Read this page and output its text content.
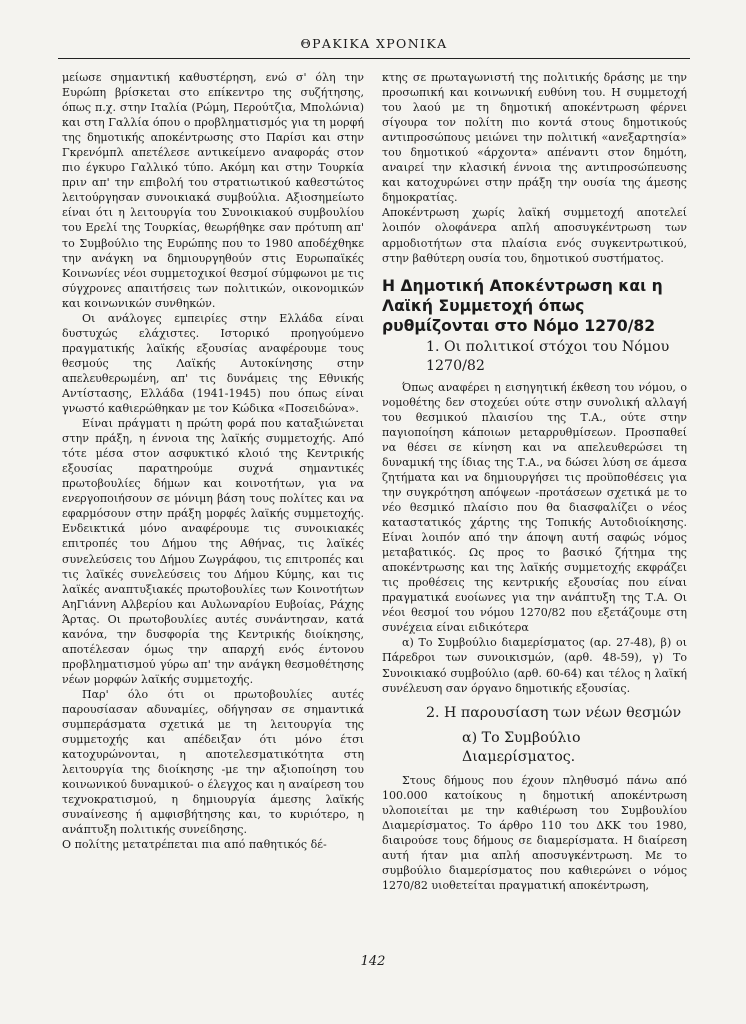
ΘΡΑΚΙΚΑ ΧΡΟΝΙΚΑ

μείωσε σημαντική καθυστέρηση, ενώ σ' όλη την Ευρώπη βρίσκεται στο επίκεντρο της συζήτησης, όπως π.χ. στην Ιταλία (Ρώμη, Περούτζια, Μπολώνια) και στη Γαλλία όπου ο προβληματισμός για τη μορφή της δημοτικής αποκέντρωσης στο Παρίσι και στην Γκρενόμπλ απετέλεσε αντικείμενο αναφοράς στον πιο έγκυρο Γαλλικό τύπο. Ακόμη και στην Τουρκία πριν απ' την επιβολή του στρατιωτικού καθεστώτος λειτούργησαν συνοικιακά συμβούλια. Αξιοσημείωτο είναι ότι η λειτουργία του Συνοικιακού συμβουλίου του Ερελί της Τουρκίας, θεωρήθηκε σαν πρότυπη απ' το Συμβούλιο της Ευρώπης που το 1980 αποδέχθηκε την ανάγκη να δημιουργηθούν στις Ευρωπαϊκές Κοινωνίες νέοι συμμετοχικοί θεσμοί σύμφωνοι με τις σύγχρονες απαιτήσεις των πολιτικών, οικονομικών και κοινωνικών συνθηκών.

Οι ανάλογες εμπειρίες στην Ελλάδα είναι δυστυχώς ελάχιστες. Ιστορικό προηγούμενο πραγματικής λαϊκής εξουσίας αναφέρουμε τους θεσμούς της Λαϊκής Αυτοκίνησης στην απελευθερωμένη, απ' τις δυνάμεις της Εθνικής Αντίστασης, Ελλάδα (1941-1945) που όπως είναι γνωστό καθιερώθηκαν με τον Κώδικα «Ποσειδώνα».

Είναι πράγματι η πρώτη φορά που καταξιώνεται στην πράξη, η έννοια της λαϊκής συμμετοχής. Από τότε μέσα στον ασφυκτικό κλοιό της Κεντρικής εξουσίας παρατηρούμε συχνά σημαντικές πρωτοβουλίες δήμων και κοινοτήτων, για να ενεργοποιήσουν σε μόνιμη βάση τους πολίτες και να εφαρμόσουν στην πράξη μορφές λαϊκής συμμετοχής. Ενδεικτικά μόνο αναφέρουμε τις συνοικιακές επιτροπές του Δήμου της Αθήνας, τις λαϊκές συνελεύσεις του Δήμου Ζωγράφου, τις επιτροπές και τις λαϊκές συνελεύσεις του Δήμου Κύμης, και τις λαϊκές αναπτυξιακές πρωτοβουλίες των Κοινοτήτων ΑηΓιάννη Αλβερίου και Αυλωναρίου Ευβοίας, Ράχης Άρτας. Οι πρωτοβουλίες αυτές συνάντησαν, κατά κανόνα, την δυσφορία της Κεντρικής διοίκησης, αποτέλεσαν όμως την απαρχή ενός έντονου προβληματισμού γύρω απ' την ανάγκη θεσμοθέτησης νέων μορφών λαϊκής συμμετοχής.

Παρ' όλο ότι οι πρωτοβουλίες αυτές παρουσίασαν αδυναμίες, οδήγησαν σε σημαντικά συμπεράσματα σχετικά με τη λειτουργία της συμμετοχής και απέδειξαν ότι μόνο έτσι κατοχυρώνονται, η αποτελεσματικότητα στη λειτουργία της διοίκησης -με την αξιοποίηση του κοινωνικού δυναμικού- ο έλεγχος και η αναίρεση του τεχνοκρατισμού, η δημιουργία άμεσης λαϊκής συναίνεσης ή αμφισβήτησης και, το κυριότερο, η ανάπτυξη πολιτικής συνείδησης.

Ο πολίτης μετατρέπεται πια από παθητικός δέ-

κτης σε πρωταγωνιστή της πολιτικής δράσης με την προσωπική και κοινωνική ευθύνη του. Η συμμετοχή του λαού με τη δημοτική αποκέντρωση φέρνει σίγουρα τον πολίτη πιο κοντά στους δημοτικούς αντιπροσώπους μειώνει την πολιτική «ανεξαρτησία» του δημοτικού «άρχοντα» απέναντι στον δημότη, αναιρεί την κλασική έννοια της αντιπροσώπευσης και κατοχυρώνει στην πράξη την ουσία της άμεσης δημοκρατίας.

Αποκέντρωση χωρίς λαϊκή συμμετοχή αποτελεί λοιπόν ολοφάνερα απλή αποσυγκέντρωση των αρμοδιοτήτων στα πλαίσια ενός συγκεντρωτικού, στην βαθύτερη ουσία του, δημοτικού συστήματος.

Η Δημοτική Αποκέντρωση και η Λαϊκή Συμμετοχή όπως ρυθμίζονται στο Νόμο 1270/82
1. Οι πολιτικοί στόχοι του Νόμου 1270/82

Όπως αναφέρει η εισηγητική έκθεση του νόμου, ο νομοθέτης δεν στοχεύει ούτε στην συνολική αλλαγή του θεσμικού πλαισίου της Τ.Α., ούτε στην παγιοποίηση κάποιων μεταρρυθμίσεων. Προσπαθεί να θέσει σε κίνηση και να απελευθερώσει τη δυναμική της ίδιας της Τ.Α., να δώσει λύση σε άμεσα ζητήματα και να δημιουργήσει τις προϋποθέσεις για την συγκρότηση απόψεων -προτάσεων σχετικά με το νέο θεσμικό πλαίσιο που θα διασφαλίζει ο νέος καταστατικός χάρτης της Τοπικής Αυτοδιοίκησης. Είναι λοιπόν από την άποψη αυτή σαφώς νόμος μεταβατικός. Ως προς το βασικό ζήτημα της αποκέντρωσης και της λαϊκής συμμετοχής εκφράζει τις προθέσεις της κεντρικής εξουσίας που είναι πραγματικά ευοίωνες για την ανάπτυξη της Τ.Α. Οι νέοι θεσμοί του νόμου 1270/82 που εξετάζουμε στη συνέχεια είναι ειδικότερα

α) Το Συμβούλιο διαμερίσματος (αρ. 27-48), β) οι Πάρεδροι των συνοικισμών, (αρθ. 48-59), γ) Το Συνοικιακό συμβούλιο (αρθ. 60-64) και τέλος η λαϊκή συνέλευση σαν όργανο δημοτικής εξουσίας.

2. Η παρουσίαση των νέων θεσμών
α) Το Συμβούλιο Διαμερίσματος.

Στους δήμους που έχουν πληθυσμό πάνω από 100.000 κατοίκους η δημοτική αποκέντρωση υλοποιείται με την καθιέρωση του Συμβουλίου Διαμερίσματος. Το άρθρο 110 του ΔΚΚ του 1980, διαιρούσε τους δήμους σε διαμερίσματα. Η διαίρεση αυτή ήταν μια απλή αποσυγκέντρωση. Με το συμβούλιο διαμερίσματος που καθιερώνει ο νόμος 1270/82 υιοθετείται πραγματική αποκέντρωση,

142
